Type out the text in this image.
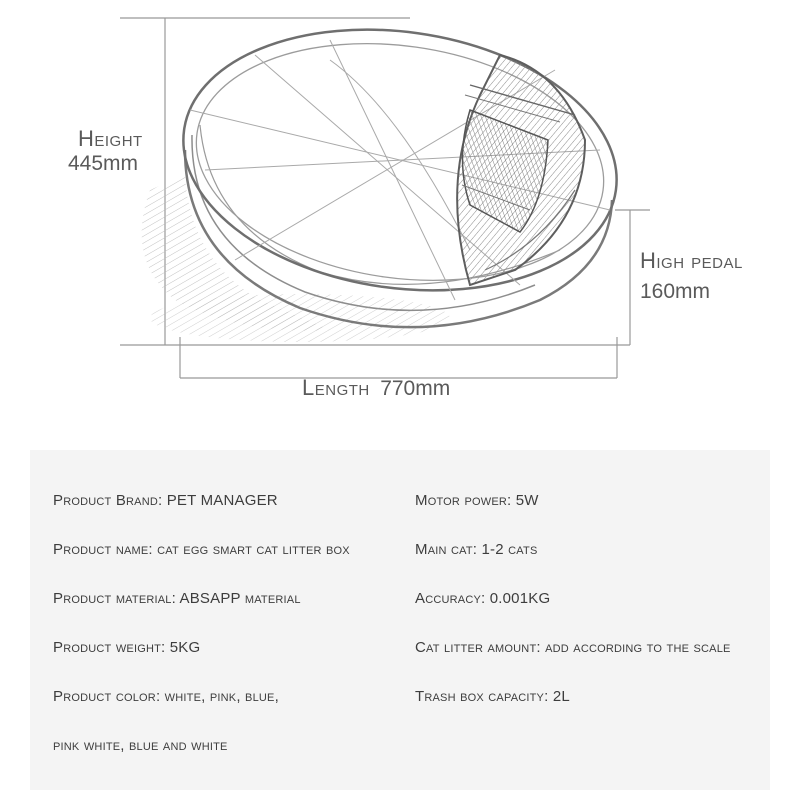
Height
445mm
High pedal
160mm
Length 770mm
Product Brand: PET MANAGER
Product name: cat egg smart cat litter box
Product material: ABSAPP material
Product weight: 5KG
Product color: white, pink, blue,
pink white, blue and white
Motor power: 5W
Main cat: 1-2 cats
Accuracy: 0.001KG
Cat litter amount: add according to the scale
Trash box capacity: 2L
